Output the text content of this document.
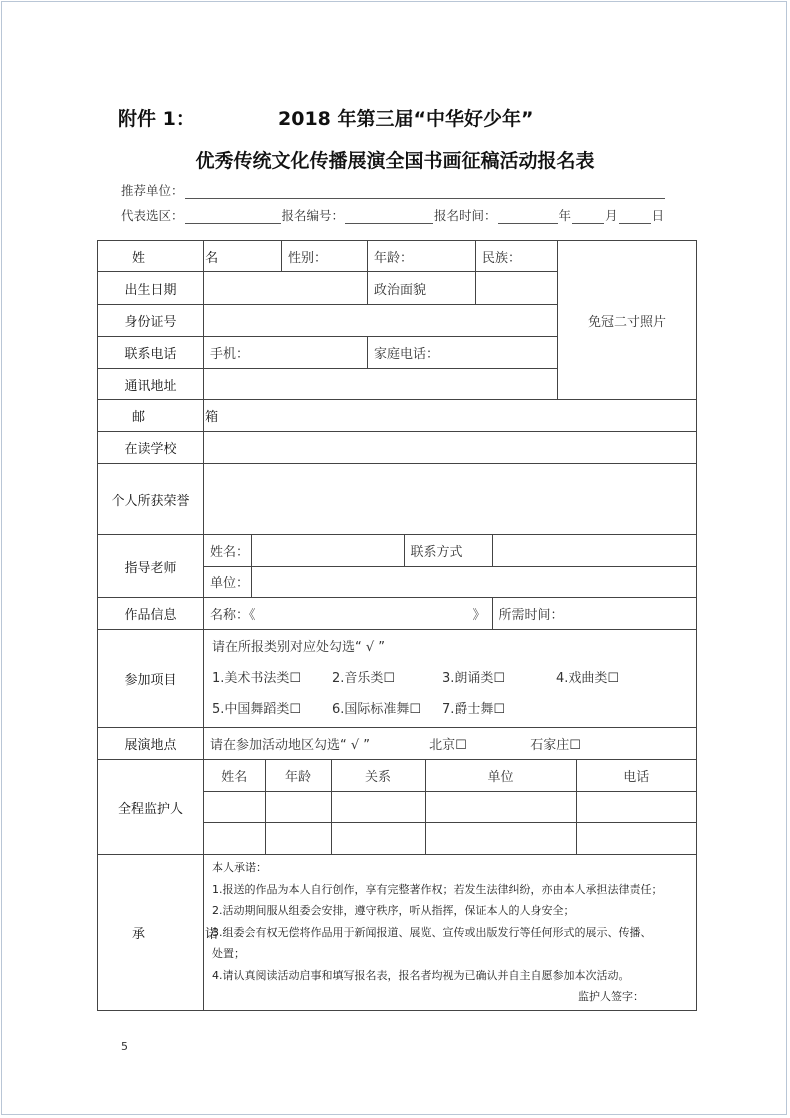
附件 1：	2018 年第三届“中华好少年”
优秀传统文化传播展演全国书画征稿活动报名表
推荐单位：
代表选区：	报名编号：	报名时间：	年	月	日
姓 名		性别：	年龄：	民族：	免冠二寸照片
出生日期		政治面貌	
身份证号	
联系电话	手机：	家庭电话：
通讯地址	
邮 箱	
在读学校	
个人所获荣誉	
指导老师	
姓名：		联系方式	
单位：	

作品信息		名称：《	》	所需时间：

参加项目	
请在所报类别对应处勾选“ √ ”
1.美术书法类☐	2.音乐类☐	3.朗诵类☐	4.戏曲类☐
5.中国舞蹈类☐	6.国际标准舞☐	7.爵士舞☐

展演地点	请在参加活动地区勾选“ √ ”	北京☐	石家庄☐
全程监护人	
姓名	年龄	关系	单位	电话

承 诺	
本人承诺：
1.报送的作品为本人自行创作，享有完整著作权；若发生法律纠纷，亦由本人承担法律责任；
2.活动期间服从组委会安排，遵守秩序，听从指挥，保证本人的人身安全；
3.组委会有权无偿将作品用于新闻报道、展览、宣传或出版发行等任何形式的展示、传播、
处置；
4.请认真阅读活动启事和填写报名表，报名者均视为已确认并自主自愿参加本次活动。
监护人签字：
5
